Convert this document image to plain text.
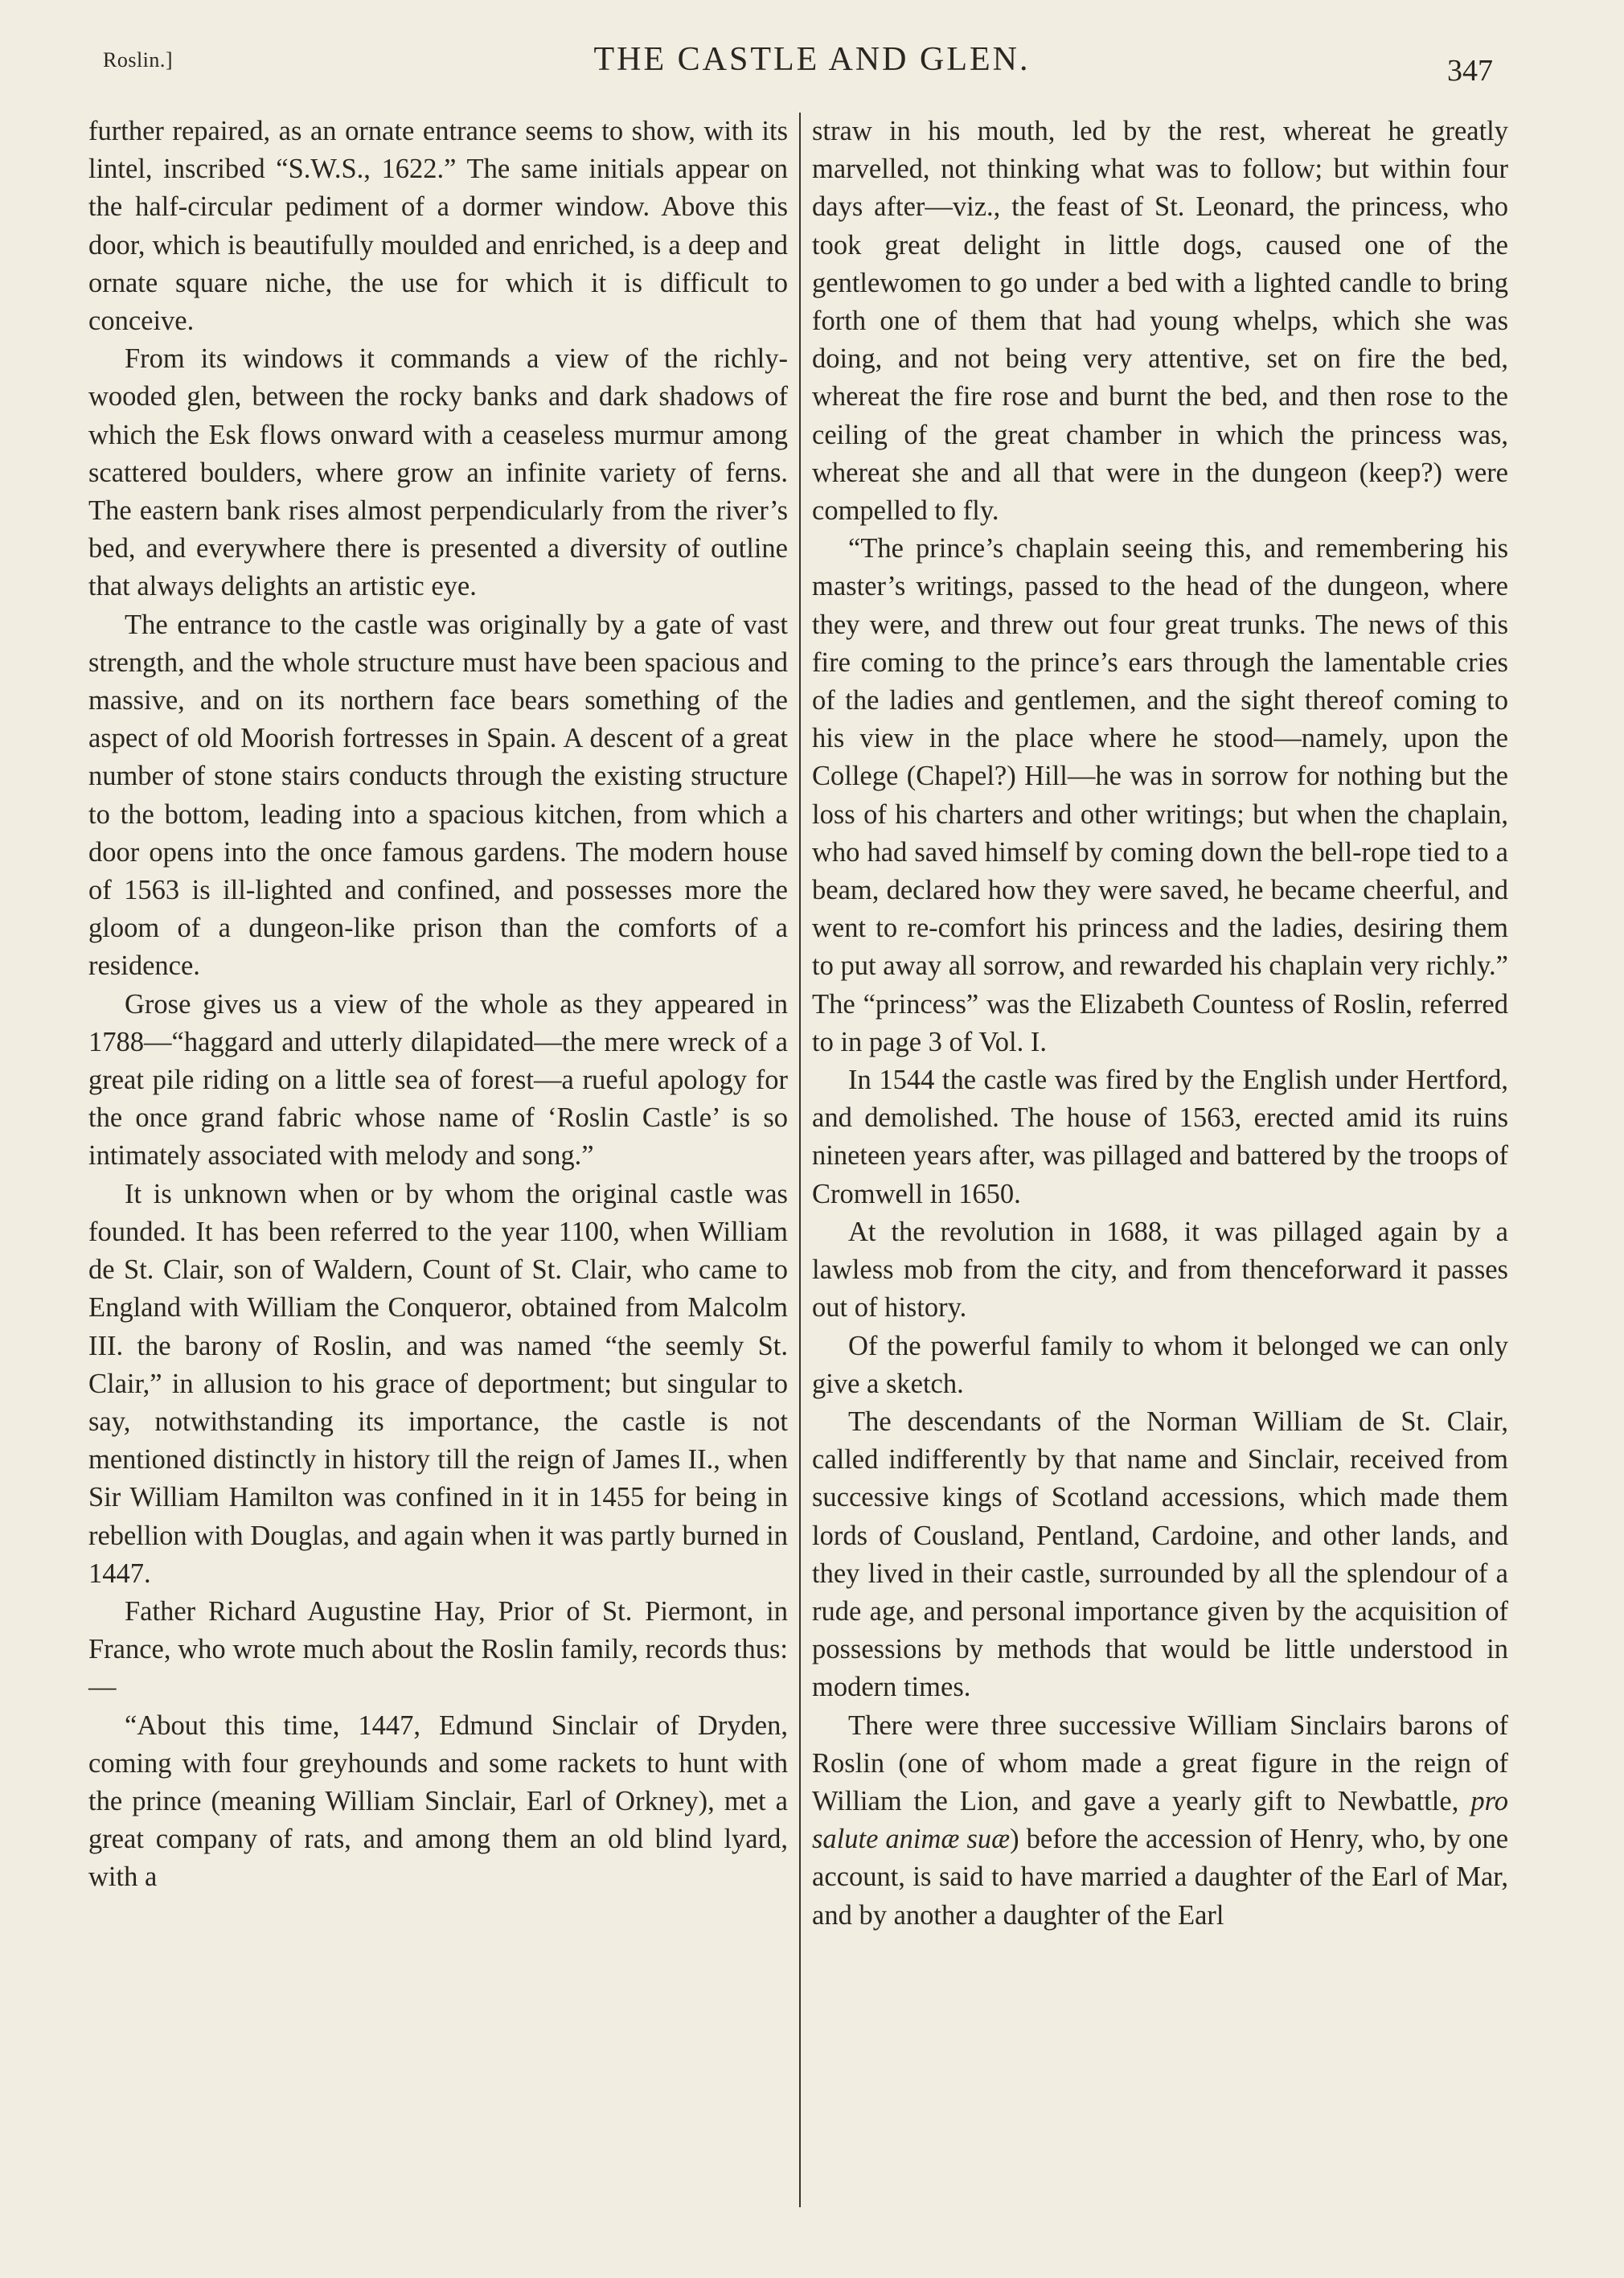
Roslin.]	THE CASTLE AND GLEN.	347

further repaired, as an ornate entrance seems to show, with its lintel, inscribed “S.W.S., 1622.” The same initials appear on the half-circular pediment of a dormer window. Above this door, which is beautifully moulded and enriched, is a deep and ornate square niche, the use for which it is difficult to conceive.

From its windows it commands a view of the richly-wooded glen, between the rocky banks and dark shadows of which the Esk flows onward with a ceaseless murmur among scattered boulders, where grow an infinite variety of ferns. The eastern bank rises almost perpendicularly from the river’s bed, and everywhere there is presented a diversity of outline that always delights an artistic eye.

The entrance to the castle was originally by a gate of vast strength, and the whole structure must have been spacious and massive, and on its northern face bears something of the aspect of old Moorish fortresses in Spain. A descent of a great number of stone stairs conducts through the existing structure to the bottom, leading into a spacious kitchen, from which a door opens into the once famous gardens. The modern house of 1563 is ill-lighted and confined, and possesses more the gloom of a dungeon-like prison than the comforts of a residence.

Grose gives us a view of the whole as they appeared in 1788—“haggard and utterly dilapidated—the mere wreck of a great pile riding on a little sea of forest—a rueful apology for the once grand fabric whose name of ‘Roslin Castle’ is so intimately associated with melody and song.”

It is unknown when or by whom the original castle was founded. It has been referred to the year 1100, when William de St. Clair, son of Waldern, Count of St. Clair, who came to England with William the Conqueror, obtained from Malcolm III. the barony of Roslin, and was named “the seemly St. Clair,” in allusion to his grace of deportment; but singular to say, notwithstanding its importance, the castle is not mentioned distinctly in history till the reign of James II., when Sir William Hamilton was confined in it in 1455 for being in rebellion with Douglas, and again when it was partly burned in 1447.

Father Richard Augustine Hay, Prior of St. Piermont, in France, who wrote much about the Roslin family, records thus: —

“About this time, 1447, Edmund Sinclair of Dryden, coming with four greyhounds and some rackets to hunt with the prince (meaning William Sinclair, Earl of Orkney), met a great company of rats, and among them an old blind lyard, with a

straw in his mouth, led by the rest, whereat he greatly marvelled, not thinking what was to follow; but within four days after—viz., the feast of St. Leonard, the princess, who took great delight in little dogs, caused one of the gentlewomen to go under a bed with a lighted candle to bring forth one of them that had young whelps, which she was doing, and not being very attentive, set on fire the bed, whereat the fire rose and burnt the bed, and then rose to the ceiling of the great chamber in which the princess was, whereat she and all that were in the dungeon (keep?) were compelled to fly.

“The prince’s chaplain seeing this, and remembering his master’s writings, passed to the head of the dungeon, where they were, and threw out four great trunks. The news of this fire coming to the prince’s ears through the lamentable cries of the ladies and gentlemen, and the sight thereof coming to his view in the place where he stood—namely, upon the College (Chapel?) Hill—he was in sorrow for nothing but the loss of his charters and other writings; but when the chaplain, who had saved himself by coming down the bell-rope tied to a beam, declared how they were saved, he became cheerful, and went to re-comfort his princess and the ladies, desiring them to put away all sorrow, and rewarded his chaplain very richly.” The “princess” was the Elizabeth Countess of Roslin, referred to in page 3 of Vol. I.

In 1544 the castle was fired by the English under Hertford, and demolished. The house of 1563, erected amid its ruins nineteen years after, was pillaged and battered by the troops of Cromwell in 1650.

At the revolution in 1688, it was pillaged again by a lawless mob from the city, and from thenceforward it passes out of history.

Of the powerful family to whom it belonged we can only give a sketch.

The descendants of the Norman William de St. Clair, called indifferently by that name and Sinclair, received from successive kings of Scotland accessions, which made them lords of Cousland, Pentland, Cardoine, and other lands, and they lived in their castle, surrounded by all the splendour of a rude age, and personal importance given by the acquisition of possessions by methods that would be little understood in modern times.

There were three successive William Sinclairs barons of Roslin (one of whom made a great figure in the reign of William the Lion, and gave a yearly gift to Newbattle, pro salute animæ suæ) before the accession of Henry, who, by one account, is said to have married a daughter of the Earl of Mar, and by another a daughter of the Earl
